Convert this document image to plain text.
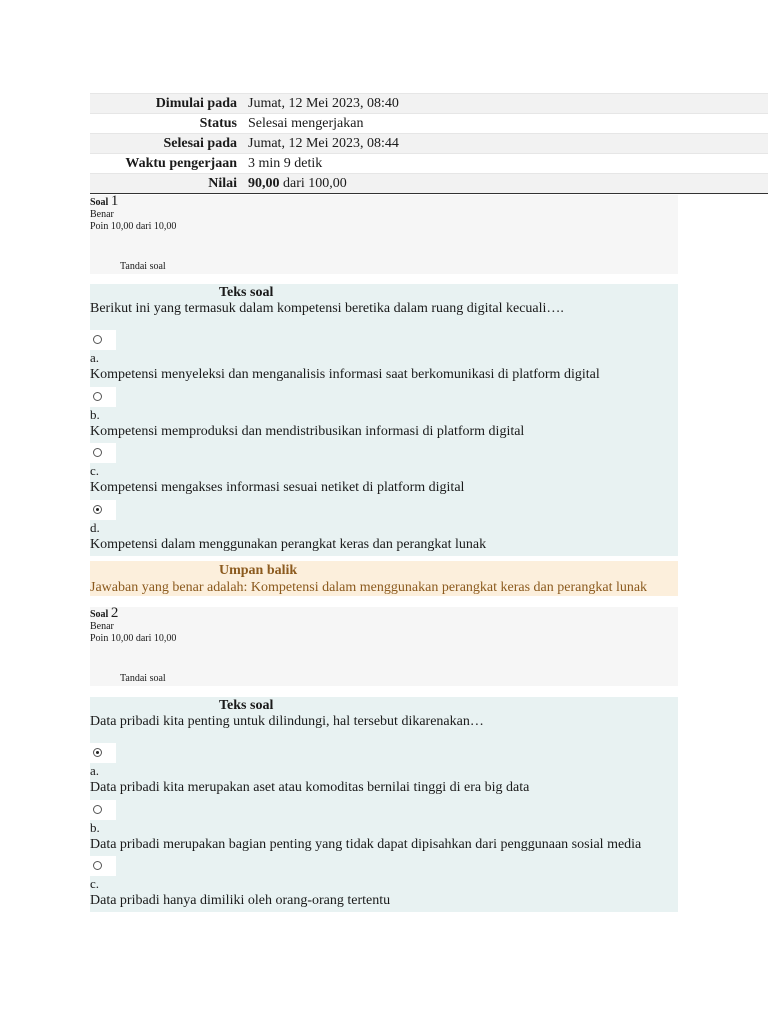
Dimulai pada	Jumat, 12 Mei 2023, 08:40
Status	Selesai mengerjakan
Selesai pada	Jumat, 12 Mei 2023, 08:44
Waktu pengerjaan	3 min 9 detik
Nilai	90,00 dari 100,00
Soal 1
Benar
Poin 10,00 dari 10,00
Tandai soal
Teks soal
Berikut ini yang termasuk dalam kompetensi beretika dalam ruang digital kecuali….
a.
Kompetensi menyeleksi dan menganalisis informasi saat berkomunikasi di platform digital
b.
Kompetensi memproduksi dan mendistribusikan informasi di platform digital
c.
Kompetensi mengakses informasi sesuai netiket di platform digital
d.
Kompetensi dalam menggunakan perangkat keras dan perangkat lunak
Umpan balik
Jawaban yang benar adalah: Kompetensi dalam menggunakan perangkat keras dan perangkat lunak
Soal 2
Benar
Poin 10,00 dari 10,00
Tandai soal
Teks soal
Data pribadi kita penting untuk dilindungi, hal tersebut dikarenakan…
a.
Data pribadi kita merupakan aset atau komoditas bernilai tinggi di era big data
b.
Data pribadi merupakan bagian penting yang tidak dapat dipisahkan dari penggunaan sosial media
c.
Data pribadi hanya dimiliki oleh orang-orang tertentu
